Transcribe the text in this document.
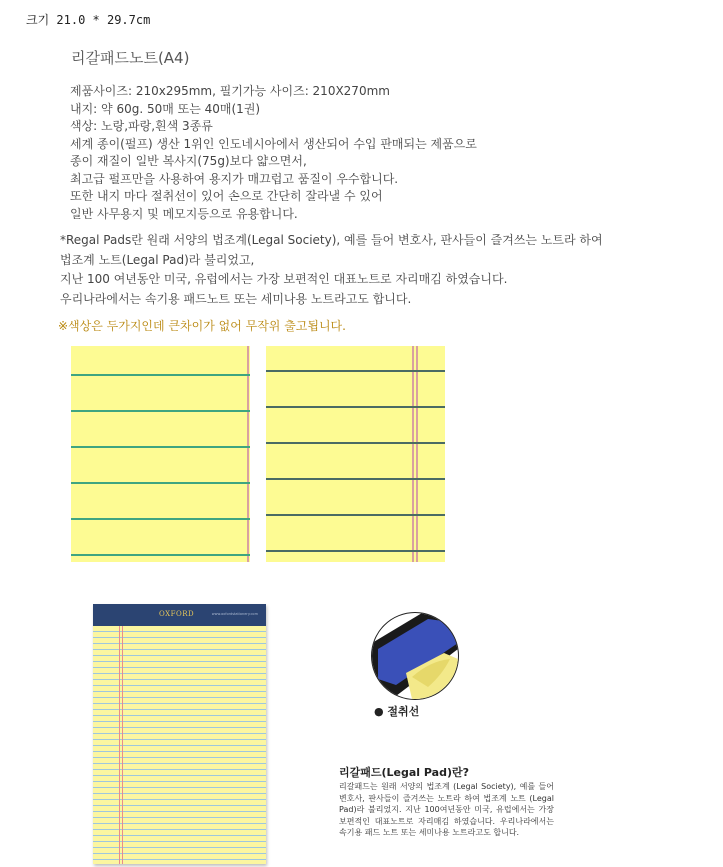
크기 21.0 * 29.7cm
리갈패드노트(A4)
제품사이즈: 210x295mm, 필기가능 사이즈: 210X270mm
내지: 약 60g. 50매 또는 40매(1권)
색상: 노랑,파랑,흰색 3종류
세계 종이(펄프) 생산 1위인 인도네시아에서 생산되어 수입 판매되는 제품으로
종이 재질이 일반 복사지(75g)보다 얇으면서,
최고급 펄프만을 사용하여 용지가 매끄럽고 품질이 우수합니다.
또한 내지 마다 절취선이 있어 손으로 간단히 잘라낼 수 있어
일반 사무용지 및 메모지등으로 유용합니다.
*Regal Pads란 원래 서양의 법조계(Legal Society), 예를 들어 변호사, 판사들이 즐겨쓰는 노트라 하여
법조계 노트(Legal Pad)라 불리었고,
지난 100 여년동안 미국, 유럽에서는 가장 보편적인 대표노트로 자리매김 하였습니다.
우리나라에서는 속기용 패드노트 또는 세미나용 노트라고도 합니다.
※색상은 두가지인데 큰차이가 없어 무작위 출고됩니다.
OXFORD	www.oxfordstationery.com
● 절취선
리갈패드(Legal Pad)란?
리갈패드는 원래 서양의 법조계 (Legal Society), 예를 들어 변호사, 판사들이 즐겨쓰는 노트라 하여 법조계 노트 (Legal Pad)라 불리었지. 지난 100여년동안 미국, 유럽에서는 가장 보편적인 대표노트로 자리매김 하였습니다. 우리나라에서는 속기용 패드 노트 또는 세미나용 노트라고도 합니다.
